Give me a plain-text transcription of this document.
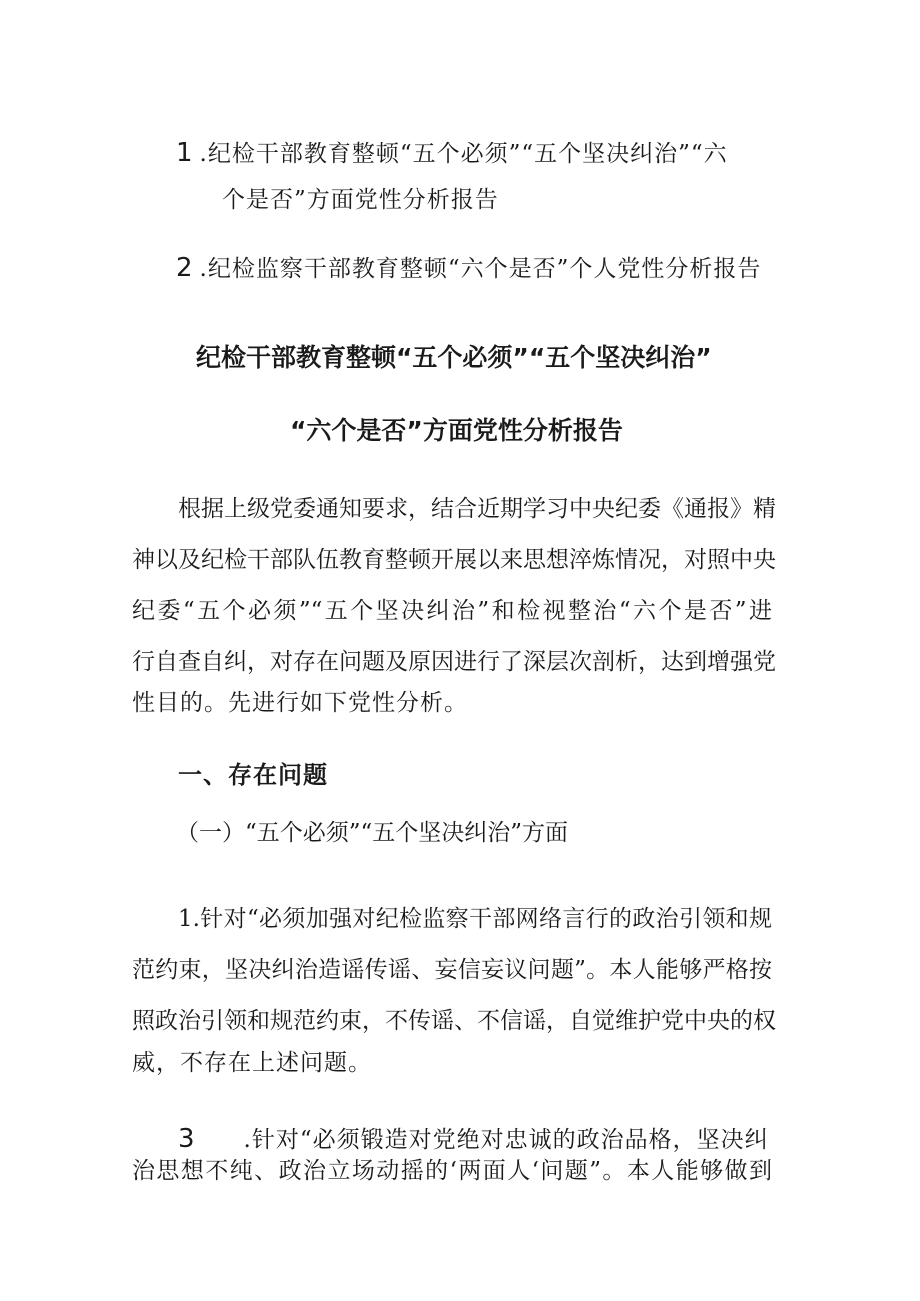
1 .纪检干部教育整顿“五个必须”“五个坚决纠治”“六
个是否”方面党性分析报告
2 .纪检监察干部教育整顿“六个是否”个人党性分析报告
纪检干部教育整顿“五个必须”“五个坚决纠治”
“六个是否”方面党性分析报告
根据上级党委通知要求，结合近期学习中央纪委《通报》精
神以及纪检干部队伍教育整顿开展以来思想淬炼情况，对照中央
纪委“五个必须”“五个坚决纠治”和检视整治“六个是否”进
行自查自纠，对存在问题及原因进行了深层次剖析，达到增强党
性目的。先进行如下党性分析。
一、存在问题
（一）“五个必须”“五个坚决纠治”方面
1.针对“必须加强对纪检监察干部网络言行的政治引领和规
范约束，坚决纠治造谣传谣、妄信妄议问题”。本人能够严格按
照政治引领和规范约束，不传谣、不信谣，自觉维护党中央的权
威，不存在上述问题。
3 .针对“必须锻造对党绝对忠诚的政治品格，坚决纠
治思想不纯、政治立场动摇的‘两面人‘问题”。本人能够做到
